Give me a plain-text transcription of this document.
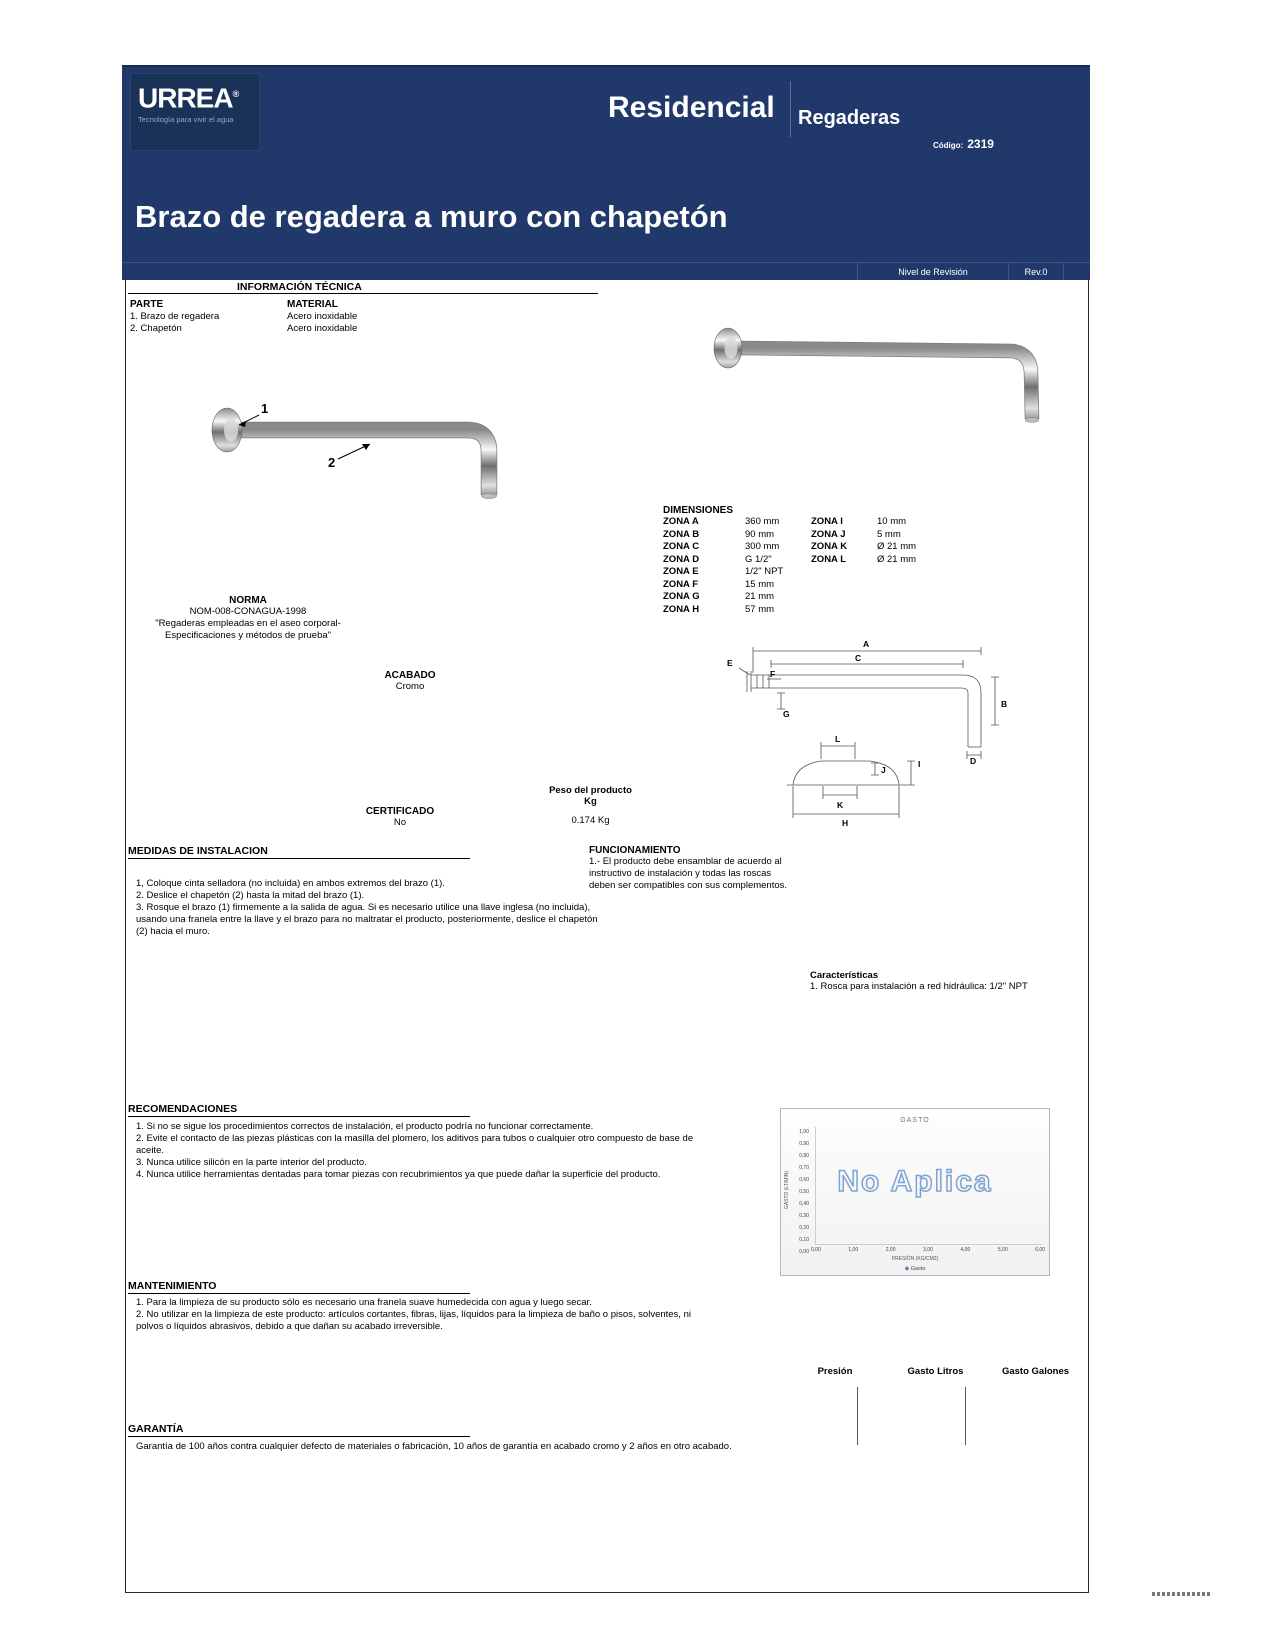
URREA®
Tecnología para vivir el agua	Residencial Regaderas
Código: 2319
Brazo de regadera a muro con chapetón
Nivel de Revisión	Rev.0
INFORMACIÓN TÉCNICA
PARTE	MATERIAL
1. Brazo de regadera	Acero inoxidable
2. Chapetón	Acero inoxidable
1
2
DIMENSIONES
ZONA A	360 mm
ZONA B	90 mm
ZONA C	300 mm
ZONA D	G 1/2"
ZONA E	1/2" NPT
ZONA F	15 mm
ZONA G	21 mm
ZONA H	57 mm
ZONA I	10 mm
ZONA J	5 mm
ZONA K	Ø 21 mm
ZONA L	Ø 21 mm
NORMA
NOM-008-CONAGUA-1998
"Regaderas empleadas en el aseo corporal-
Especificaciones y métodos de prueba"
ACABADO
Cromo
E	C
A
F
G
B
D
L
J
I
K
H
Peso del producto Kg
0.174 Kg
CERTIFICADO
No
MEDIDAS DE INSTALACION
1, Coloque cinta selladora (no incluida) en ambos extremos del brazo (1).
2. Deslice el chapetón (2) hasta la mitad del brazo (1).
3. Rosque el brazo (1) firmemente a la salida de agua. Si es necesario utilice una llave inglesa (no incluida), usando una franela entre la llave y el brazo para no maltratar el producto, posteriormente, deslice el chapetón (2) hacia el muro.
FUNCIONAMIENTO
1.- El producto debe ensamblar de acuerdo al instructivo de instalación y todas las roscas deben ser compatibles con sus complementos.
Características
1. Rosca para instalación a red hidráulica: 1/2" NPT
RECOMENDACIONES
1. Si no se sigue los procedimientos correctos de instalación, el producto podría no funcionar correctamente.
2. Evite el contacto de las piezas plásticas con la masilla del plomero, los aditivos para tubos o cualquier otro compuesto de base de aceite.
3. Nunca utilice silicón en la parte interior del producto.
4. Nunca utilice herramientas dentadas para tomar piezas con recubrimientos ya que puede dañar la superficie del producto.
GASTO
GASTO (LT/MIN)
1,00
0,90
0,80
0,70
0,60
0,50
0,40
0,30
0,20
0,10
0,00
No Aplica
0,00	1,00	2,00	3,00	4,00	5,00	6,00
PRESIÓN (KG/CM2)
◆ Gasto
MANTENIMIENTO
1. Para la limpieza de su producto sólo es necesario una franela suave humedecida con agua y luego secar.
2. No utilizar en la limpieza de este producto: artículos cortantes, fibras, lijas, líquidos para la limpieza de baño o pisos, solventes, ni polvos o líquidos abrasivos, debido a que dañan su acabado irreversible.
Presión	Gasto Litros	Gasto Galones
GARANTÍA
Garantía de 100 años contra cualquier defecto de materiales o fabricación, 10 años de garantía en acabado cromo y 2 años en otro acabado.
